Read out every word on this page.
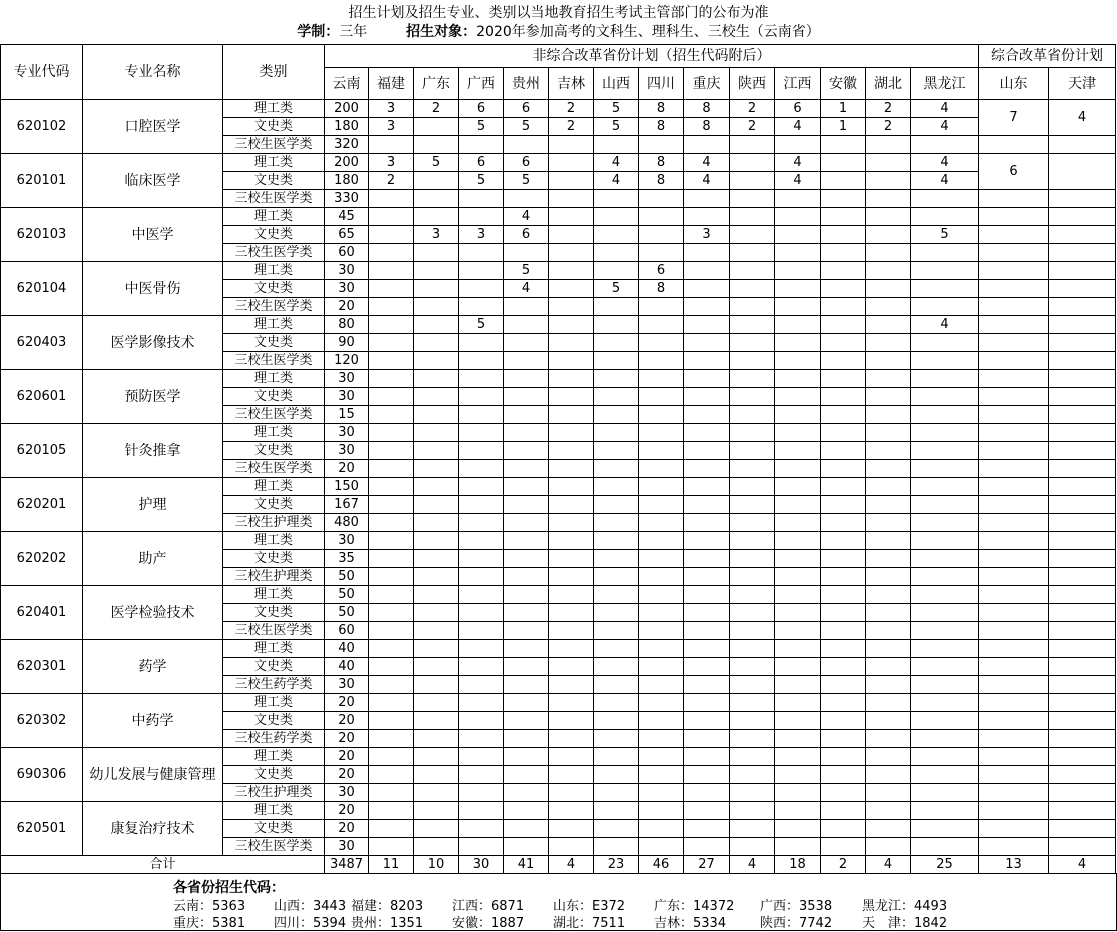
招生计划及招生专业、类别以当地教育招生考试主管部门的公布为准
学制：三年	招生对象：2020年参加高考的文科生、理科生、三校生（云南省）
专业代码	专业名称	类别	非综合改革省份计划（招生代码附后）														综合改革省份计划	
			云南	福建	广东	广西	贵州	吉林	山西	四川	重庆	陕西	江西	安徽	湖北	黑龙江	山东	天津
620102	口腔医学	理工类	200	3	2	6	6	2	5	8	8	2	6	1	2	4	7	4
		文史类	180	3		5	5	2	5	8	8	2	4	1	2	4		
		三校生医学类	320															
620101	临床医学	理工类	200	3	5	6	6		4	8	4		4			4	6	
		文史类	180	2		5	5		4	8	4		4			4		
		三校生医学类	330															
620103	中医学	理工类	45				4											
		文史类	65		3	3	6				3					5		
		三校生医学类	60															
620104	中医骨伤	理工类	30				5			6								
		文史类	30				4		5	8								
		三校生医学类	20															
620403	医学影像技术	理工类	80			5										4		
		文史类	90															
		三校生医学类	120															
620601	预防医学	理工类	30															
		文史类	30															
		三校生医学类	15															
620105	针灸推拿	理工类	30															
		文史类	30															
		三校生医学类	20															
620201	护理	理工类	150															
		文史类	167															
		三校生护理类	480															
620202	助产	理工类	30															
		文史类	35															
		三校生护理类	50															
620401	医学检验技术	理工类	50															
		文史类	50															
		三校生医学类	60															
620301	药学	理工类	40															
		文史类	40															
		三校生药学类	30															
620302	中药学	理工类	20															
		文史类	20															
		三校生药学类	20															
690306	幼儿发展与健康管理	理工类	20															
		文史类	20															
		三校生护理类	30															
620501	康复治疗技术	理工类	20															
		文史类	20															
		三校生医学类	30															
合计			3487	11	10	30	41	4	23	46	27	4	18	2	4	25	13	4
各省份招生代码：
云南：5363 山西：3443 福建：8203 江西：6871 山东：E372 广东：14372 广西：3538 黑龙江：4493
重庆：5381 四川：5394 贵州：1351 安徽：1887 湖北：7511 吉林：5334	陕西：7742 天　津：1842
